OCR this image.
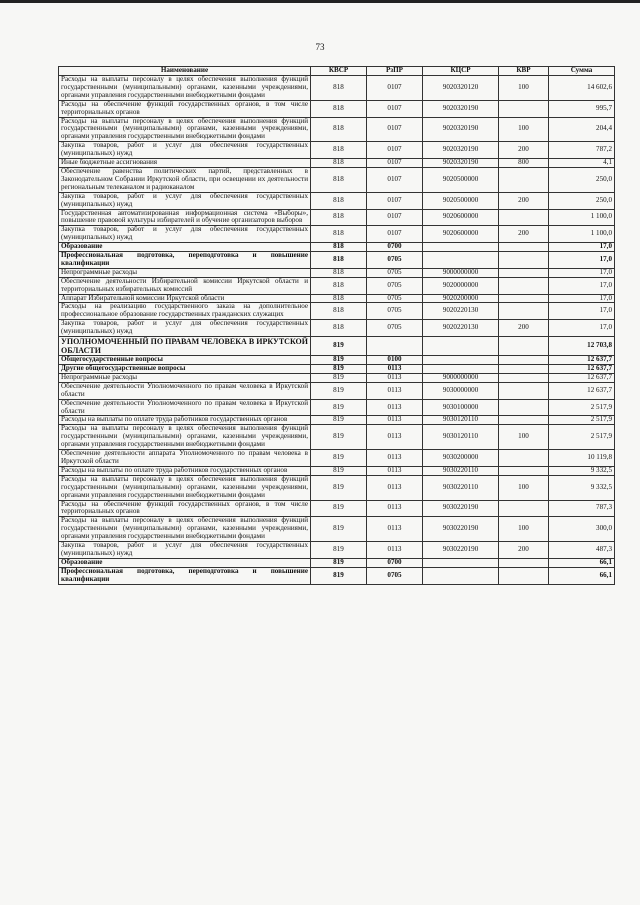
73
Наименование	КВСР	РзПР	КЦСР	КВР	Сумма
Расходы на выплаты персоналу в целях обеспечения выполнения функций государственными (муниципальными) органами, казенными учреждениями, органами управления государственными внебюджетными фондами	818	0107	9020320120	100	14 602,6
Расходы на обеспечение функций государственных органов, в том числе территориальных органов	818	0107	9020320190		995,7
Расходы на выплаты персоналу в целях обеспечения выполнения функций государственными (муниципальными) органами, казенными учреждениями, органами управления государственными внебюджетными фондами	818	0107	9020320190	100	204,4
Закупка товаров, работ и услуг для обеспечения государственных (муниципальных) нужд	818	0107	9020320190	200	787,2
Иные бюджетные ассигнования	818	0107	9020320190	800	4,1
Обеспечение равенства политических партий, представленных в Законодательном Собрании Иркутской области, при освещении их деятельности региональным телеканалом и радиоканалом	818	0107	9020500000		250,0
Закупка товаров, работ и услуг для обеспечения государственных (муниципальных) нужд	818	0107	9020500000	200	250,0
Государственная автоматизированная информационная система «Выборы», повышение правовой культуры избирателей и обучение организаторов выборов	818	0107	9020600000		1 100,0
Закупка товаров, работ и услуг для обеспечения государственных (муниципальных) нужд	818	0107	9020600000	200	1 100,0
Образование	818	0700			17,0
Профессиональная подготовка, переподготовка и повышение квалификации	818	0705			17,0
Непрограммные расходы	818	0705	9000000000		17,0
Обеспечение деятельности Избирательной комиссии Иркутской области и территориальных избирательных комиссий	818	0705	9020000000		17,0
Аппарат Избирательной комиссии Иркутской области	818	0705	9020200000		17,0
Расходы на реализацию государственного заказа на дополнительное профессиональное образование государственных гражданских служащих	818	0705	9020220130		17,0
Закупка товаров, работ и услуг для обеспечения государственных (муниципальных) нужд	818	0705	9020220130	200	17,0
УПОЛНОМОЧЕННЫЙ ПО ПРАВАМ ЧЕЛОВЕКА В ИРКУТСКОЙ ОБЛАСТИ	819				12 703,8
Общегосударственные вопросы	819	0100			12 637,7
Другие общегосударственные вопросы	819	0113			12 637,7
Непрограммные расходы	819	0113	9000000000		12 637,7
Обеспечение деятельности Уполномоченного по правам человека в Иркутской области	819	0113	9030000000		12 637,7
Обеспечение деятельности Уполномоченного по правам человека в Иркутской области	819	0113	9030100000		2 517,9
Расходы на выплаты по оплате труда работников государственных органов	819	0113	9030120110		2 517,9
Расходы на выплаты персоналу в целях обеспечения выполнения функций государственными (муниципальными) органами, казенными учреждениями, органами управления государственными внебюджетными фондами	819	0113	9030120110	100	2 517,9
Обеспечение деятельности аппарата Уполномоченного по правам человека в Иркутской области	819	0113	9030200000		10 119,8
Расходы на выплаты по оплате труда работников государственных органов	819	0113	9030220110		9 332,5
Расходы на выплаты персоналу в целях обеспечения выполнения функций государственными (муниципальными) органами, казенными учреждениями, органами управления государственными внебюджетными фондами	819	0113	9030220110	100	9 332,5
Расходы на обеспечение функций государственных органов, в том числе территориальных органов	819	0113	9030220190		787,3
Расходы на выплаты персоналу в целях обеспечения выполнения функций государственными (муниципальными) органами, казенными учреждениями, органами управления государственными внебюджетными фондами	819	0113	9030220190	100	300,0
Закупка товаров, работ и услуг для обеспечения государственных (муниципальных) нужд	819	0113	9030220190	200	487,3
Образование	819	0700			66,1
Профессиональная подготовка, переподготовка и повышение квалификации	819	0705			66,1
